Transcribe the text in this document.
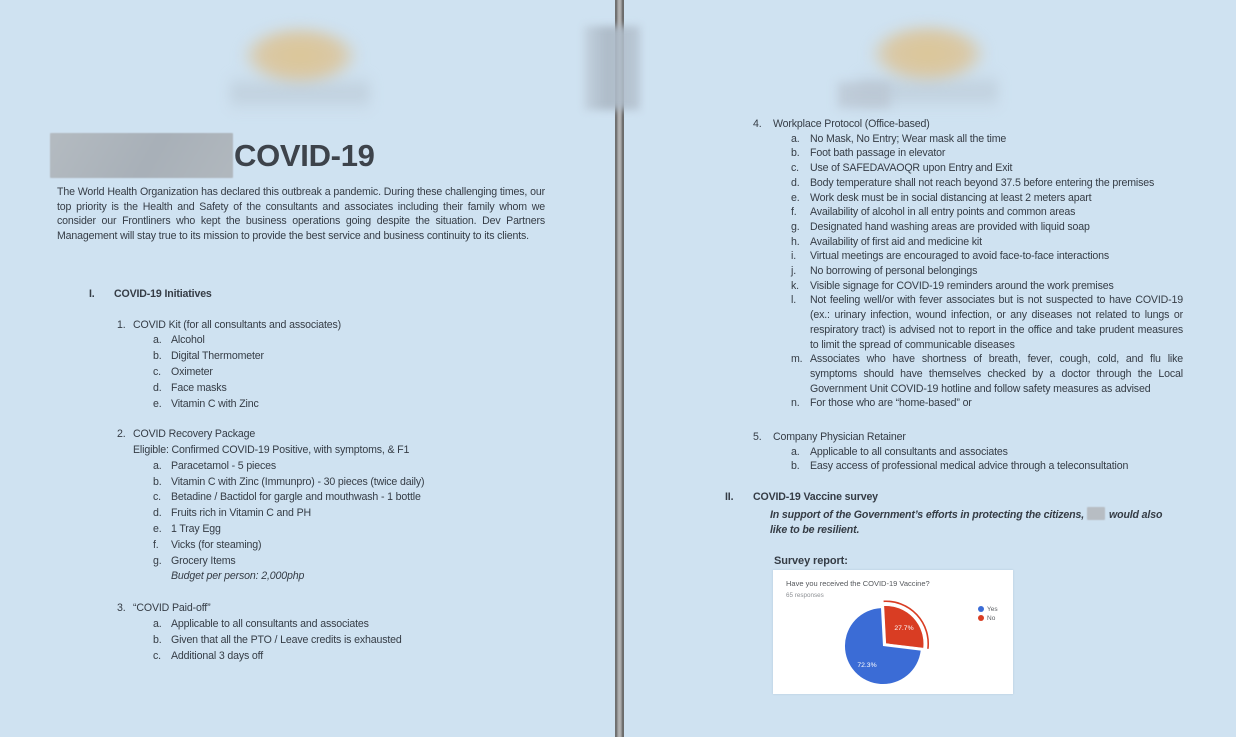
COVID-19

The World Health Organization has declared this outbreak a pandemic. During these challenging times, our top priority is the Health and Safety of the consultants and associates including their family whom we consider our Frontliners who kept the business operations going despite the situation. Dev Partners Management will stay true to its mission to provide the best service and business continuity to its clients.

I.	COVID-19 Initiatives
1. COVID Kit (for all consultants and associates)
a. Alcohol
b. Digital Thermometer
c. Oximeter
d. Face masks
e. Vitamin C with Zinc
2. COVID Recovery Package
Eligible: Confirmed COVID-19 Positive, with symptoms, & F1
a. Paracetamol - 5 pieces
b. Vitamin C with Zinc (Immunpro) - 30 pieces (twice daily)
c. Betadine / Bactidol for gargle and mouthwash - 1 bottle
d. Fruits rich in Vitamin C and PH
e. 1 Tray Egg
f.	Vicks (for steaming)
g. Grocery Items
Budget per person: 2,000php
3. “COVID Paid-off”
a. Applicable to all consultants and associates
b. Given that all the PTO / Leave credits is exhausted
c. Additional 3 days off
4.	Workplace Protocol (Office-based)
a. No Mask, No Entry; Wear mask all the time
b. Foot bath passage in elevator
c.	Use of SAFEDAVAOQR upon Entry and Exit
d. Body temperature shall not reach beyond 37.5 before entering the premises
e. Work desk must be in social distancing at least 2 meters apart
f.	Availability of alcohol in all entry points and common areas
g. Designated hand washing areas are provided with liquid soap
h. Availability of first aid and medicine kit
i.	Virtual meetings are encouraged to avoid face-to-face interactions
j.	No borrowing of personal belongings
k.	Visible signage for COVID-19 reminders around the work premises
l.	Not feeling well/or with fever associates but is not suspected to have COVID-19 (ex.: urinary infection, wound infection, or any diseases not related to lungs or respiratory tract) is advised not to report in the office and take prudent measures to limit the spread of communicable diseases
m. Associates who have shortness of breath, fever, cough, cold, and flu like symptoms should have themselves checked by a doctor through the Local Government Unit COVID-19 hotline and follow safety measures as advised
n. For those who are “home-based” or
5.	Company Physician Retainer
a. Applicable to all consultants and associates
b. Easy access of professional medical advice through a teleconsultation
II.	COVID-19 Vaccine survey

In support of the Government’s efforts in protecting the citizens, would also like to be resilient.

Survey report:
27.7%
72.3%
Have you received the COVID-19 Vaccine?
65 responses
Yes
No
